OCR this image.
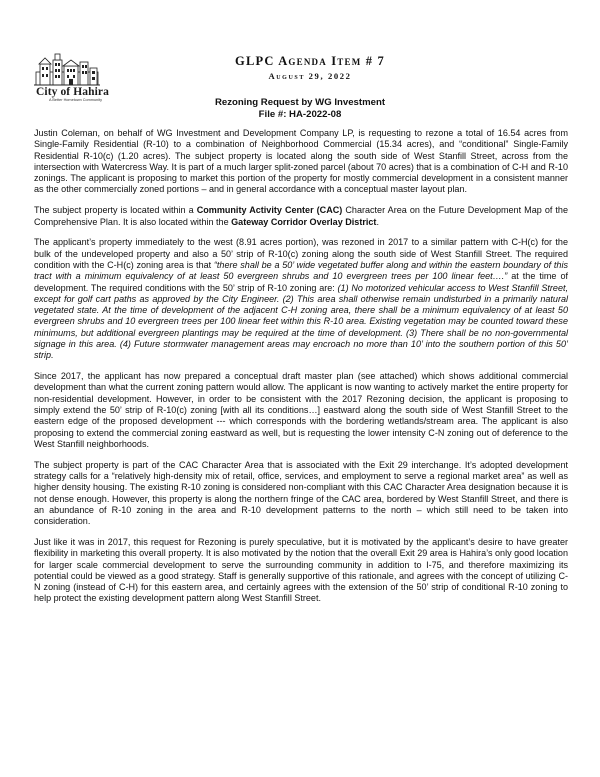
City of Hahira
A Better Hometown Community
GLPC Agenda Item # 7
August 29, 2022
Rezoning Request by WG Investment
File #: HA-2022-08

Justin Coleman, on behalf of WG Investment and Development Company LP, is requesting to rezone a total of 16.54 acres from Single-Family Residential (R-10) to a combination of Neighborhood Commercial (15.34 acres), and “conditional” Single-Family Residential R-10(c) (1.20 acres). The subject property is located along the south side of West Stanfill Street, across from the intersection with Watercress Way. It is part of a much larger split-zoned parcel (about 70 acres) that is a combination of C-H and R-10 zonings. The applicant is proposing to market this portion of the property for mostly commercial development in a consistent manner as the other commercially zoned portions – and in general accordance with a conceptual master layout plan.

The subject property is located within a Community Activity Center (CAC) Character Area on the Future Development Map of the Comprehensive Plan. It is also located within the Gateway Corridor Overlay District.

The applicant’s property immediately to the west (8.91 acres portion), was rezoned in 2017 to a similar pattern with C-H(c) for the bulk of the undeveloped property and also a 50’ strip of R-10(c) zoning along the south side of West Stanfill Street. The required condition with the C-H(c) zoning area is that “there shall be a 50’ wide vegetated buffer along and within the eastern boundary of this tract with a minimum equivalency of at least 50 evergreen shrubs and 10 evergreen trees per 100 linear feet….” at the time of development. The required conditions with the 50’ strip of R-10 zoning are: (1) No motorized vehicular access to West Stanfill Street, except for golf cart paths as approved by the City Engineer. (2) This area shall otherwise remain undisturbed in a primarily natural vegetated state. At the time of development of the adjacent C-H zoning area, there shall be a minimum equivalency of at least 50 evergreen shrubs and 10 evergreen trees per 100 linear feet within this R-10 area. Existing vegetation may be counted toward these minimums, but additional evergreen plantings may be required at the time of development. (3) There shall be no non-governmental signage in this area. (4) Future stormwater management areas may encroach no more than 10’ into the southern portion of this 50’ strip.

Since 2017, the applicant has now prepared a conceptual draft master plan (see attached) which shows additional commercial development than what the current zoning pattern would allow. The applicant is now wanting to actively market the entire property for non-residential development. However, in order to be consistent with the 2017 Rezoning decision, the applicant is proposing to simply extend the 50’ strip of R-10(c) zoning [with all its conditions…] eastward along the south side of West Stanfill Street to the eastern edge of the proposed development --- which corresponds with the bordering wetlands/stream area. The applicant is also proposing to extend the commercial zoning eastward as well, but is requesting the lower intensity C-N zoning out of deference to the West Stanfill neighborhoods.

The subject property is part of the CAC Character Area that is associated with the Exit 29 interchange. It’s adopted development strategy calls for a “relatively high-density mix of retail, office, services, and employment to serve a regional market area” as well as higher density housing. The existing R-10 zoning is considered non-compliant with this CAC Character Area designation because it is not dense enough. However, this property is along the northern fringe of the CAC area, bordered by West Stanfill Street, and there is an abundance of R-10 zoning in the area and R-10 development patterns to the north – which still need to be taken into consideration.

Just like it was in 2017, this request for Rezoning is purely speculative, but it is motivated by the applicant’s desire to have greater flexibility in marketing this overall property. It is also motivated by the notion that the overall Exit 29 area is Hahira’s only good location for larger scale commercial development to serve the surrounding community in addition to I-75, and therefore maximizing its potential could be viewed as a good strategy. Staff is generally supportive of this rationale, and agrees with the concept of utilizing C-N zoning (instead of C-H) for this eastern area, and certainly agrees with the extension of the 50’ strip of conditional R-10 zoning to help protect the existing development pattern along West Stanfill Street.
